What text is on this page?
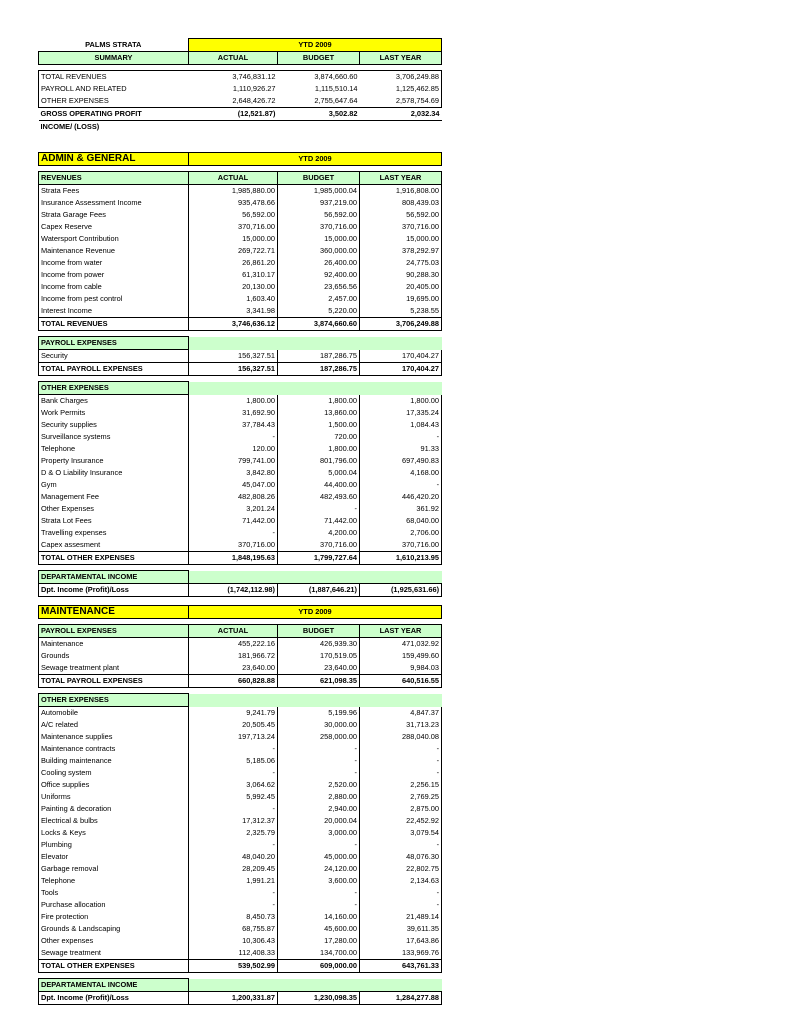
PALMS STRATA	YTD 2009		
SUMMARY	ACTUAL	BUDGET	LAST YEAR

TOTAL REVENUES	3,746,831.12	3,874,660.60	3,706,249.88
PAYROLL AND RELATED	1,110,926.27	1,115,510.14	1,125,462.85
OTHER EXPENSES	2,648,426.72	2,755,647.64	2,578,754.69
GROSS OPERATING PROFIT	(12,521.87)	3,502.82	2,032.34
INCOME/ (LOSS)			
ADMIN & GENERAL	YTD 2009		

REVENUES	ACTUAL	BUDGET	LAST YEAR
Strata Fees	1,985,880.00	1,985,000.04	1,916,808.00
Insurance Assessment Income	935,478.66	937,219.00	808,439.03
Strata Garage Fees	56,592.00	56,592.00	56,592.00
Capex Reserve	370,716.00	370,716.00	370,716.00
Watersport Contribution	15,000.00	15,000.00	15,000.00
Maintenance Revenue	269,722.71	360,000.00	378,292.97
Income from water	26,861.20	26,400.00	24,775.03
Income from power	61,310.17	92,400.00	90,288.30
Income from cable	20,130.00	23,656.56	20,405.00
Income from pest control	1,603.40	2,457.00	19,695.00
Interest Income	3,341.98	5,220.00	5,238.55
TOTAL REVENUES	3,746,636.12	3,874,660.60	3,706,249.88

PAYROLL EXPENSES			
Security	156,327.51	187,286.75	170,404.27
TOTAL PAYROLL EXPENSES	156,327.51	187,286.75	170,404.27

OTHER EXPENSES			
Bank Charges	1,800.00	1,800.00	1,800.00
Work Permits	31,692.90	13,860.00	17,335.24
Security supplies	37,784.43	1,500.00	1,084.43
Surveillance systems	-	720.00	-
Telephone	120.00	1,800.00	91.33
Property Insurance	799,741.00	801,796.00	697,490.83
D & O Liability Insurance	3,842.80	5,000.04	4,168.00
Gym	45,047.00	44,400.00	-
Management Fee	482,808.26	482,493.60	446,420.20
Other Expenses	3,201.24	-	361.92
Strata Lot Fees	71,442.00	71,442.00	68,040.00
Travelling expenses	-	4,200.00	2,706.00
Capex assesment	370,716.00	370,716.00	370,716.00
TOTAL OTHER EXPENSES	1,848,195.63	1,799,727.64	1,610,213.95

DEPARTAMENTAL INCOME			
Dpt. Income (Profit)/Loss	(1,742,112.98)	(1,887,646.21)	(1,925,631.66)
MAINTENANCE	YTD 2009		

PAYROLL EXPENSES	ACTUAL	BUDGET	LAST YEAR
Maintenance	455,222.16	426,939.30	471,032.92
Grounds	181,966.72	170,519.05	159,499.60
Sewage treatment plant	23,640.00	23,640.00	9,984.03
TOTAL PAYROLL EXPENSES	660,828.88	621,098.35	640,516.55

OTHER EXPENSES			
Automobile	9,241.79	5,199.96	4,847.37
A/C related	20,505.45	30,000.00	31,713.23
Maintenance supplies	197,713.24	258,000.00	288,040.08
Maintenance contracts	-	-	-
Building maintenance	5,185.06	-	-
Cooling system	-	-	-
Office supplies	3,064.62	2,520.00	2,256.15
Uniforms	5,992.45	2,880.00	2,769.25
Painting & decoration	-	2,940.00	2,875.00
Electrical & bulbs	17,312.37	20,000.04	22,452.92
Locks & Keys	2,325.79	3,000.00	3,079.54
Plumbing	-	-	-
Elevator	48,040.20	45,000.00	48,076.30
Garbage removal	28,209.45	24,120.00	22,802.75
Telephone	1,991.21	3,600.00	2,134.63
Tools	-	-	-
Purchase allocation	-	-	-
Fire protection	8,450.73	14,160.00	21,489.14
Grounds & Landscaping	68,755.87	45,600.00	39,611.35
Other expenses	10,306.43	17,280.00	17,643.86
Sewage treatment	112,408.33	134,700.00	133,969.76
TOTAL OTHER EXPENSES	539,502.99	609,000.00	643,761.33

DEPARTAMENTAL INCOME			
Dpt. Income (Profit)/Loss	1,200,331.87	1,230,098.35	1,284,277.88
